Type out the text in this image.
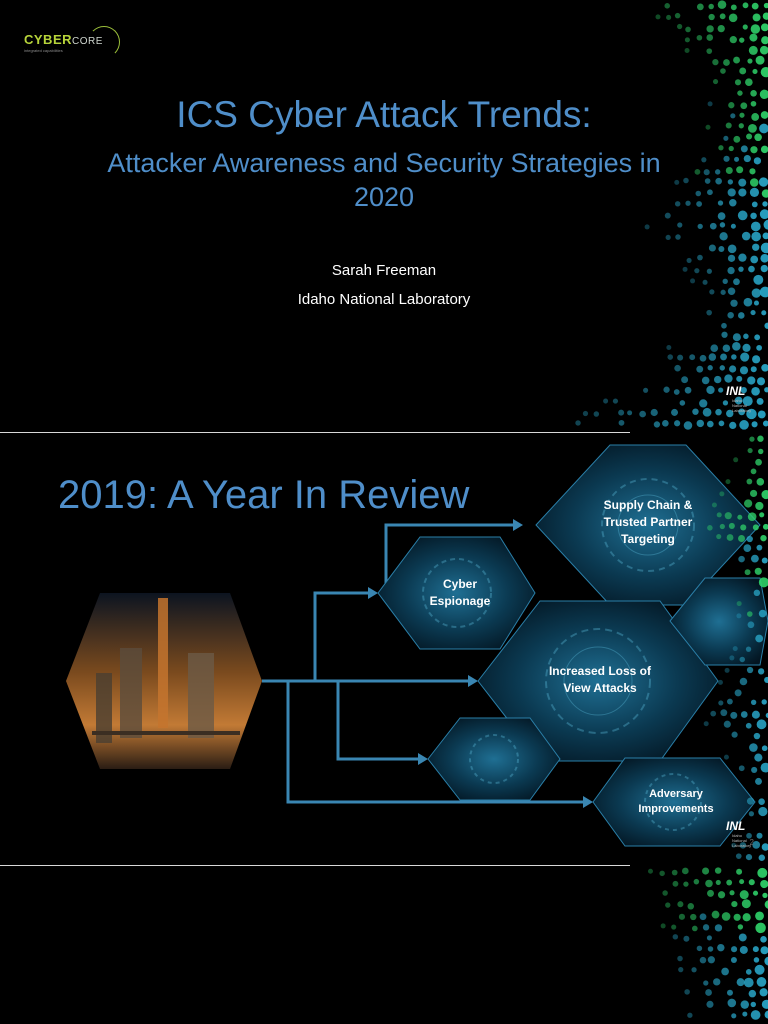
CYBERCORE
integrated capabilities
ICS Cyber Attack Trends:
Attacker Awareness and Security Strategies in 2020
Sarah Freeman
Idaho National Laboratory
INL
Idaho National Laboratory
2019: A Year In Review	Supply Chain & Trusted Partner Targeting
Cyber Espionage
Increased Loss of View Attacks
Adversary Improvements
INL
Idaho National Laboratory
2
